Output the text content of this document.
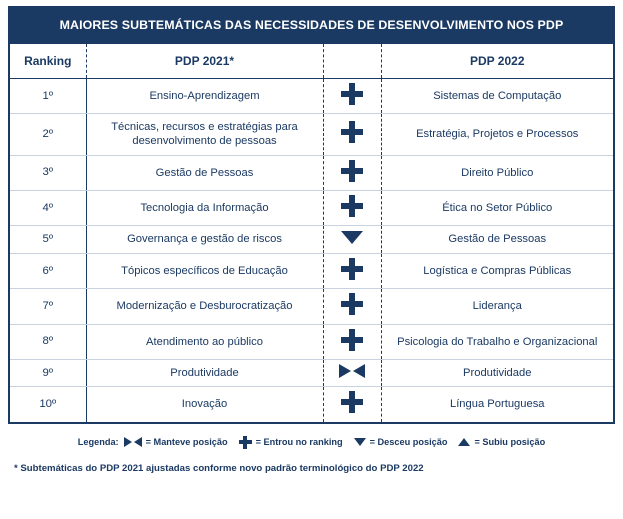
MAIORES SUBTEMÁTICAS DAS NECESSIDADES DE DESENVOLVIMENTO NOS PDP
Ranking	PDP 2021*		PDP 2022
1º	Ensino-Aprendizagem		Sistemas de Computação
2º	Técnicas, recursos e estratégias para desenvolvimento de pessoas		Estratégia, Projetos e Processos
3º	Gestão de Pessoas		Direito Público
4º	Tecnologia da Informação		Ética no Setor Público
5º	Governança e gestão de riscos		Gestão de Pessoas
6º	Tópicos específicos de Educação		Logística e Compras Públicas
7º	Modernização e Desburocratização		Liderança
8º	Atendimento ao público		Psicologia do Trabalho e Organizacional
9º	Produtividade		Produtividade
10º	Inovação		Língua Portuguesa
Legenda:	= Manteve posição	= Entrou no ranking	= Desceu posição	= Subiu posição
* Subtemáticas do PDP 2021 ajustadas conforme novo padrão terminológico do PDP 2022
